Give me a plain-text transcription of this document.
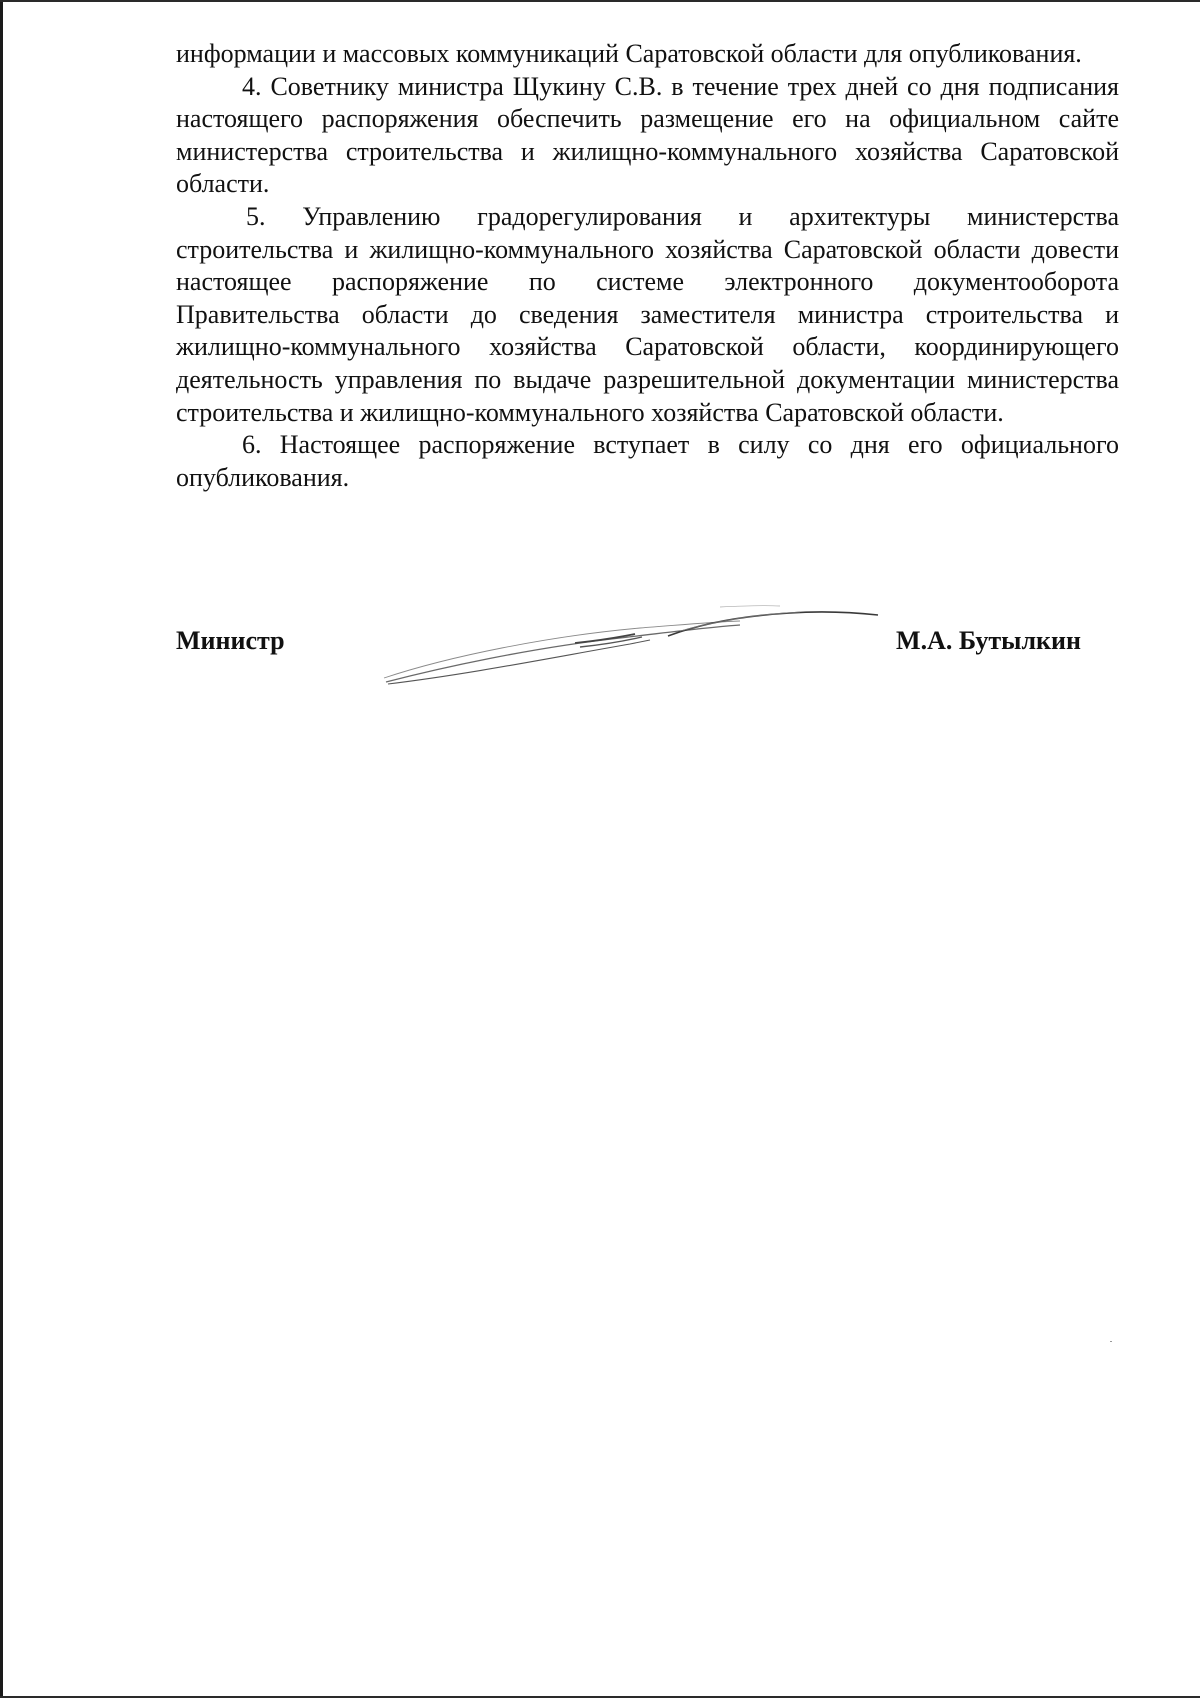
информации и массовых коммуникаций Саратовской области для опубликования.

4. Советнику министра Щукину С.В. в течение трех дней со дня подписания настоящего распоряжения обеспечить размещение его на официальном сайте министерства строительства и жилищно-коммунального хозяйства Саратовской области.

5. Управлению градорегулирования и архитектуры министерства строительства и жилищно-коммунального хозяйства Саратовской области довести настоящее распоряжение по системе электронного документооборота Правительства области до сведения заместителя министра строительства и жилищно-коммунального хозяйства Саратовской области, координирующего деятельность управления по выдаче разрешительной документации министерства строительства и жилищно-коммунального хозяйства Саратовской области.

6. Настоящее распоряжение вступает в силу со дня его официального опубликования.

Министр	М.А. Бутылкин
